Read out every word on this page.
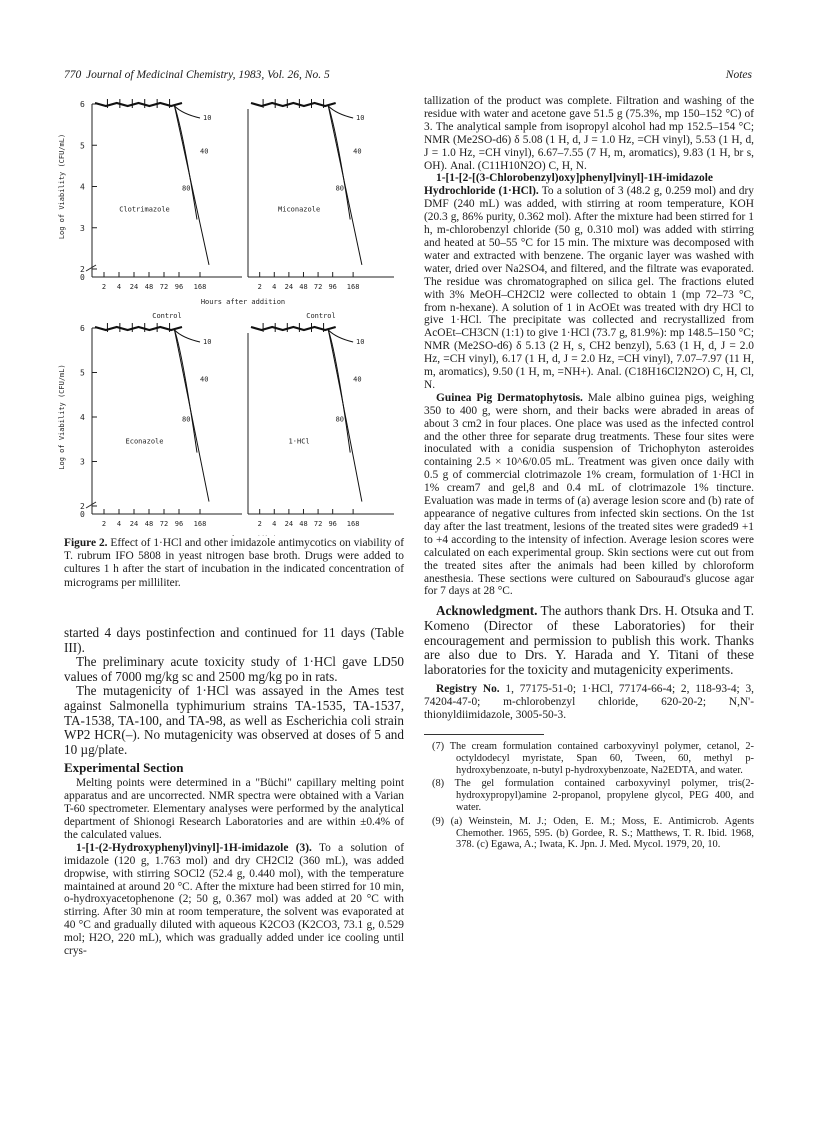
770 Journal of Medicinal Chemistry, 1983, Vol. 26, No. 5	Notes
6
5
4
3
2
0
Log of Viability (CFU/mL)
2 4 24 48 72 96 168
10
40
80
Clotrimazole
2 4 24 48 72 96 168
10
40
80
Miconazole
Hours after addition
6
5
4
3
2
0
Log of Viability (CFU/mL)
2 4 24 48 72 96 168
Control
10
40
80
Econazole
2 4 24 48 72 96 168
Control
10
40
80
1·HCl
Figure 2. Effect of 1·HCl and other imidazole antimycotics on viability of T. rubrum IFO 5808 in yeast nitrogen base broth. Drugs were added to cultures 1 h after the start of incubation in the indicated concentration of micrograms per milliliter.

started 4 days postinfection and continued for 11 days (Table III).

The preliminary acute toxicity study of 1·HCl gave LD50 values of 7000 mg/kg sc and 2500 mg/kg po in rats.

The mutagenicity of 1·HCl was assayed in the Ames test against Salmonella typhimurium strains TA-1535, TA-1537, TA-1538, TA-100, and TA-98, as well as Escherichia coli strain WP2 HCR(–). No mutagenicity was observed at doses of 5 and 10 µg/plate.

Experimental Section

Melting points were determined in a "Büchi" capillary melting point apparatus and are uncorrected. NMR spectra were obtained with a Varian T-60 spectrometer. Elementary analyses were performed by the analytical department of Shionogi Research Laboratories and are within ±0.4% of the calculated values.

1-[1-(2-Hydroxyphenyl)vinyl]-1H-imidazole (3). To a solution of imidazole (120 g, 1.763 mol) and dry CH2Cl2 (360 mL), was added dropwise, with stirring SOCl2 (52.4 g, 0.440 mol), with the temperature maintained at around 20 °C. After the mixture had been stirred for 10 min, o-hydroxyacetophenone (2; 50 g, 0.367 mol) was added at 20 °C with stirring. After 30 min at room temperature, the solvent was evaporated at 40 °C and gradually diluted with aqueous K2CO3 (K2CO3, 73.1 g, 0.529 mol; H2O, 220 mL), which was gradually added under ice cooling until crys-

tallization of the product was complete. Filtration and washing of the residue with water and acetone gave 51.5 g (75.3%, mp 150–152 °C) of 3. The analytical sample from isopropyl alcohol had mp 152.5–154 °C; NMR (Me2SO-d6) δ 5.08 (1 H, d, J = 1.0 Hz, =CH vinyl), 5.53 (1 H, d, J = 1.0 Hz, =CH vinyl), 6.67–7.55 (7 H, m, aromatics), 9.83 (1 H, br s, OH). Anal. (C11H10N2O) C, H, N.

1-[1-[2-[(3-Chlorobenzyl)oxy]phenyl]vinyl]-1H-imidazole Hydrochloride (1·HCl). To a solution of 3 (48.2 g, 0.259 mol) and dry DMF (240 mL) was added, with stirring at room temperature, KOH (20.3 g, 86% purity, 0.362 mol). After the mixture had been stirred for 1 h, m-chlorobenzyl chloride (50 g, 0.310 mol) was added with stirring and heated at 50–55 °C for 15 min. The mixture was decomposed with water and extracted with benzene. The organic layer was washed with water, dried over Na2SO4, and filtered, and the filtrate was evaporated. The residue was chromatographed on silica gel. The fractions eluted with 3% MeOH–CH2Cl2 were collected to obtain 1 (mp 72–73 °C, from n-hexane). A solution of 1 in AcOEt was treated with dry HCl to give 1·HCl. The precipitate was collected and recrystallized from AcOEt–CH3CN (1:1) to give 1·HCl (73.7 g, 81.9%): mp 148.5–150 °C; NMR (Me2SO-d6) δ 5.13 (2 H, s, CH2 benzyl), 5.63 (1 H, d, J = 2.0 Hz, =CH vinyl), 6.17 (1 H, d, J = 2.0 Hz, =CH vinyl), 7.07–7.97 (11 H, m, aromatics), 9.50 (1 H, m, =NH+). Anal. (C18H16Cl2N2O) C, H, Cl, N.

Guinea Pig Dermatophytosis. Male albino guinea pigs, weighing 350 to 400 g, were shorn, and their backs were abraded in areas of about 3 cm2 in four places. One place was used as the infected control and the other three for separate drug treatments. These four sites were inoculated with a conidia suspension of Trichophyton asteroides containing 2.5 × 10^6/0.05 mL. Treatment was given once daily with 0.5 g of commercial clotrimazole 1% cream, formulation of 1·HCl in 1% cream7 and gel,8 and 0.4 mL of clotrimazole 1% tincture. Evaluation was made in terms of (a) average lesion score and (b) rate of appearance of negative cultures from infected skin sections. On the 1st day after the last treatment, lesions of the treated sites were graded9 +1 to +4 according to the intensity of infection. Average lesion scores were calculated on each experimental group. Skin sections were cut out from the treated sites after the animals had been killed by chloroform anesthesia. These sections were cultured on Sabouraud's glucose agar for 7 days at 28 °C.

Acknowledgment. The authors thank Drs. H. Otsuka and T. Komeno (Director of these Laboratories) for their encouragement and permission to publish this work. Thanks are also due to Drs. Y. Harada and Y. Titani of these laboratories for the toxicity and mutagenicity experiments.

Registry No. 1, 77175-51-0; 1·HCl, 77174-66-4; 2, 118-93-4; 3, 74204-47-0; m-chlorobenzyl chloride, 620-20-2; N,N'-thionyldiimidazole, 3005-50-3.

(7) The cream formulation contained carboxyvinyl polymer, cetanol, 2-octyldodecyl myristate, Span 60, Tween, 60, methyl p-hydroxybenzoate, n-butyl p-hydroxybenzoate, Na2EDTA, and water.

(8) The gel formulation contained carboxyvinyl polymer, tris(2-hydroxypropyl)amine 2-propanol, propylene glycol, PEG 400, and water.

(9) (a) Weinstein, M. J.; Oden, E. M.; Moss, E. Antimicrob. Agents Chemother. 1965, 595. (b) Gordee, R. S.; Matthews, T. R. Ibid. 1968, 378. (c) Egawa, A.; Iwata, K. Jpn. J. Med. Mycol. 1979, 20, 10.
